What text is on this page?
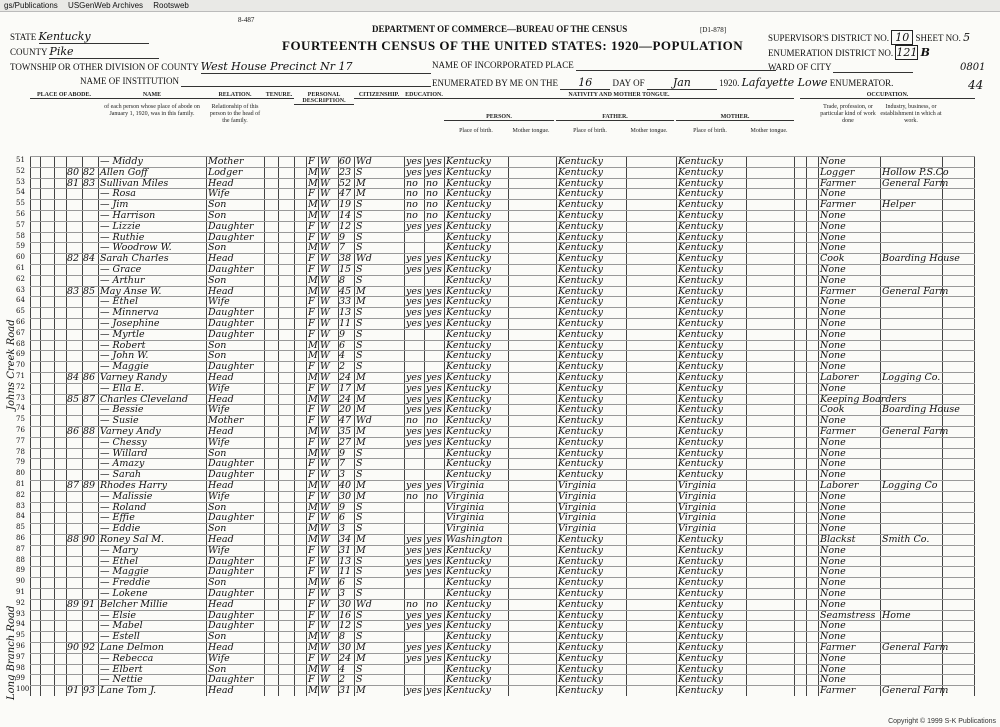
gs/Publications USGenWeb Archives Rootsweb
STATE Kentucky
COUNTY Pike
TOWNSHIP OR OTHER DIVISION OF COUNTY West House Precinct Nr 17
NAME OF INSTITUTION
8-487
DEPARTMENT OF COMMERCE—BUREAU OF THE CENSUS	[D1-878]
FOURTEENTH CENSUS OF THE UNITED STATES: 1920—POPULATION
NAME OF INCORPORATED PLACE
ENUMERATED BY ME ON THE 16 DAY OF	Jan	1920. Lafayette Lowe ENUMERATOR.
SUPERVISOR'S DISTRICT NO. 10 SHEET NO. 5
ENUMERATION DISTRICT NO. 121 B
WARD OF CITY	0801
44
PLACE OF ABODE.	NAME	RELATION.	TENURE.	PERSONAL DESCRIPTION.
CITIZENSHIP. EDUCATION.	NATIVITY AND MOTHER TONGUE.	OCCUPATION.
PERSON.	FATHER.	MOTHER.
of each person whose place of abode on January 1, 1920, was in this family.
Relationship of this person to the head of the family.
Place of birth.	Mother tongue.	Place of birth.	Mother tongue.	Place of birth.	Mother tongue.
Trade, profession, or particular kind of work done
Industry, business, or establishment in which at work.
51	— Middy	Mother	F W 60 Wd	yes yes Kentucky	Kentucky	Kentucky	None
52	80 82 Allen Goff	Lodger	M W 23 S	yes yes Kentucky	Kentucky	Kentucky	Logger	Hollow P.S.Co
53	81 83 Sullivan Miles	Head	M W 52 M	no no Kentucky	Kentucky	Kentucky	Farmer	General Farm
54	— Rosa	Wife	F W 47 M	no no Kentucky	Kentucky	Kentucky	None
55	— Jim	Son	M W 19 S	no no Kentucky	Kentucky	Kentucky	Farmer	Helper
56	— Harrison	Son	M W 14 S	no no Kentucky	Kentucky	Kentucky	None
57	— Lizzie	Daughter	F W 12 S	yes yes Kentucky	Kentucky	Kentucky	None
58	— Ruthie	Daughter	F W 9	S	Kentucky	Kentucky	Kentucky	None
59	— Woodrow W.	Son	M W 7	S	Kentucky	Kentucky	Kentucky	None
60	82 84 Sarah Charles	Head	F W 38 Wd	yes yes Kentucky	Kentucky	Kentucky	Cook	Boarding House
61	— Grace	Daughter	F W 15 S	yes yes Kentucky	Kentucky	Kentucky	None
62	— Arthur	Son	M W 8	S	Kentucky	Kentucky	Kentucky	None
63	83 85 May Anse W.	Head	M W 45 M	yes yes Kentucky	Kentucky	Kentucky	Farmer	General Farm
64	— Ethel	Wife	F W 33 M	yes yes Kentucky	Kentucky	Kentucky	None
65	— Minnerva	Daughter	F W 13 S	yes yes Kentucky	Kentucky	Kentucky	None
66	— Josephine	Daughter	F W 11 S	yes yes Kentucky	Kentucky	Kentucky	None
67	— Myrtle	Daughter	F W 9	S	Kentucky	Kentucky	Kentucky	None
68	— Robert	Son	M W 6	S	Kentucky	Kentucky	Kentucky	None
69	— John W.	Son	M W 4	S	Kentucky	Kentucky	Kentucky	None
70	— Maggie	Daughter	F W 2	S	Kentucky	Kentucky	Kentucky	None
71	84 86 Varney Randy	Head	M W 24 M	yes yes Kentucky	Kentucky	Kentucky	Laborer	Logging Co.
72	— Ella E.	Wife	F W 17 M	yes yes Kentucky	Kentucky	Kentucky	None
73	85 87 Charles Cleveland	Head	M W 24 M	yes yes Kentucky	Kentucky	Kentucky	Keeping Boarders
74	— Bessie	Wife	F W 20 M	yes yes Kentucky	Kentucky	Kentucky	Cook	Boarding House
75	— Susie	Mother	F W 47 Wd	no no Kentucky	Kentucky	Kentucky	None
76	86 88 Varney Andy	Head	M W 35 M	yes yes Kentucky	Kentucky	Kentucky	Farmer	General Farm
77	— Chessy	Wife	F W 27 M	yes yes Kentucky	Kentucky	Kentucky	None
78	— Willard	Son	M W 9	S	Kentucky	Kentucky	Kentucky	None
79	— Amazy	Daughter	F W 7	S	Kentucky	Kentucky	Kentucky	None
80	— Sarah	Daughter	F W 3	S	Kentucky	Kentucky	Kentucky	None
81	87 89 Rhodes Harry	Head	M W 40 M	yes yes Virginia	Virginia	Virginia	Laborer	Logging Co
82	— Malissie	Wife	F W 30 M	no no Virginia	Virginia	Virginia	None
83	— Roland	Son	M W 9	S	Virginia	Virginia	Virginia	None
84	— Effie	Daughter	F W 6	S	Virginia	Virginia	Virginia	None
85	— Eddie	Son	M W 3	S	Virginia	Virginia	Virginia	None
86	88 90 Roney Sal M.	Head	M W 34 M	yes yes Washington	Kentucky	Kentucky	Blackst	Smith Co.
87	— Mary	Wife	F W 31 M	yes yes Kentucky	Kentucky	Kentucky	None
88	— Ethel	Daughter	F W 13 S	yes yes Kentucky	Kentucky	Kentucky	None
89	— Maggie	Daughter	F W 11 S	yes yes Kentucky	Kentucky	Kentucky	None
90	— Freddie	Son	M W 6	S	Kentucky	Kentucky	Kentucky	None
91	— Lokene	Daughter	F W 3	S	Kentucky	Kentucky	Kentucky	None
92	89 91 Belcher Millie	Head	F W 30 Wd	no no Kentucky	Kentucky	Kentucky	None
93	— Elsie	Daughter	F W 16 S	yes yes Kentucky	Kentucky	Kentucky	Seamstress Home
94	— Mabel	Daughter	F W 12 S	yes yes Kentucky	Kentucky	Kentucky	None
95	— Estell	Son	M W 8	S	Kentucky	Kentucky	Kentucky	None
96	90 92 Lane Delmon	Head	M W 30 M	yes yes Kentucky	Kentucky	Kentucky	Farmer	General Farm
97	— Rebecca	Wife	F W 24 M	yes yes Kentucky	Kentucky	Kentucky	None
98	— Elbert	Son	M W 4	S	Kentucky	Kentucky	Kentucky	None
99	— Nettie	Daughter	F W 2	S	Kentucky	Kentucky	Kentucky	None
100	91 93 Lane Tom J.	Head	M W 31 M	yes yes Kentucky	Kentucky	Kentucky	Farmer	General Farm
Johns Creek Road
Long Branch Road
Copyright © 1999 S-K Publications
